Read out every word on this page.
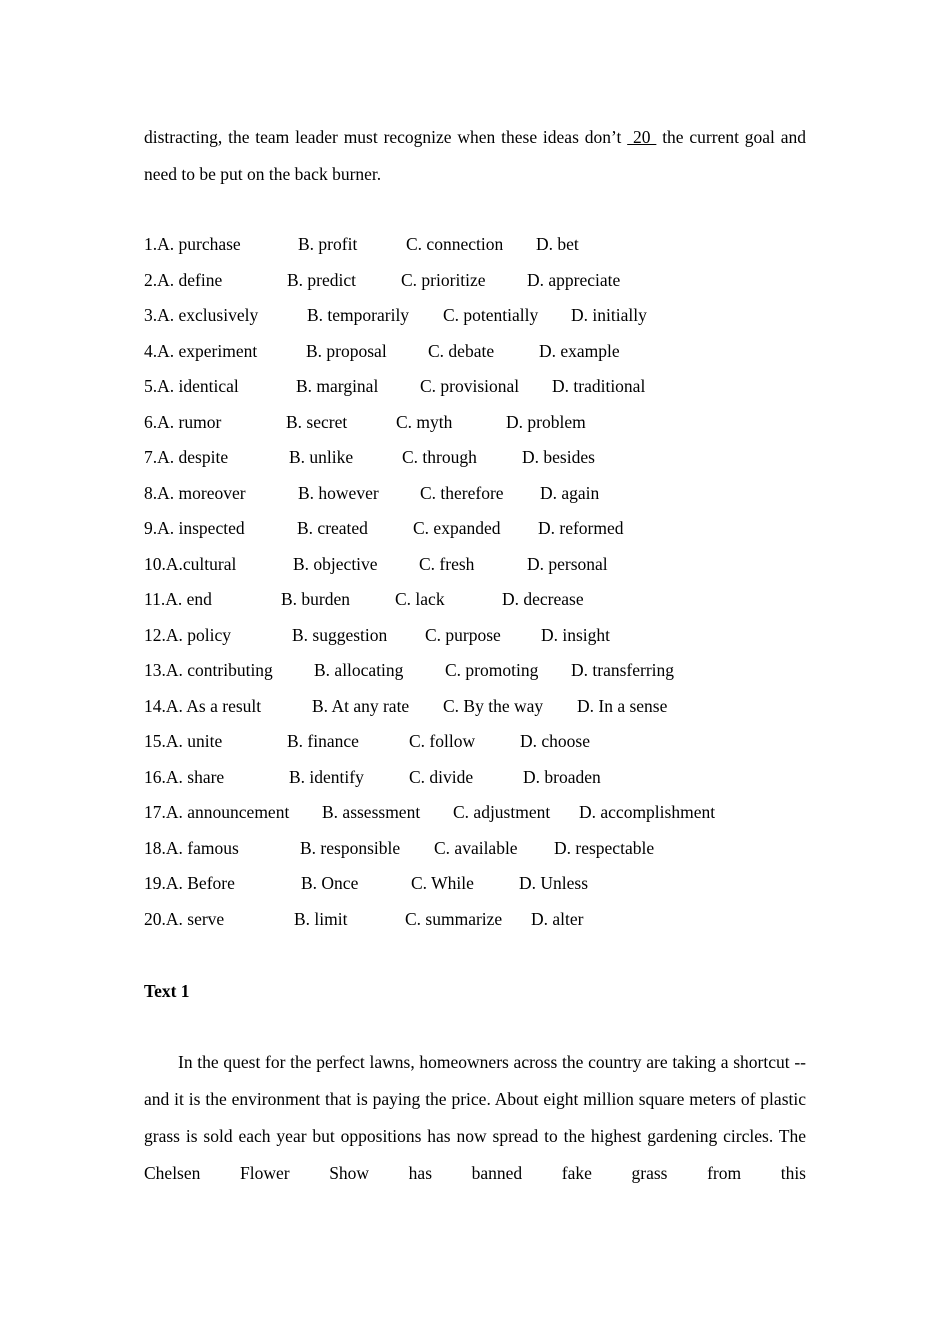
distracting, the team leader must recognize when these ideas don’t  20  the current goal and need to be put on the back burner.

1.A. purchase	B. profit	C. connection D. bet
2.A. define	B. predict	C. prioritize D. appreciate
3.A. exclusively	B. temporarily C. potentially D. initially
4.A. experiment	B. proposal C. debate	D. example
5.A. identical	B. marginal C. provisional D. traditional
6.A. rumor	B. secret	C. myth	D. problem
7.A. despite	B. unlike	C. through	D. besides
8.A. moreover	B. however C. therefore D. again
9.A. inspected	B. created	C. expanded D. reformed
10.A.cultural	B. objective C. fresh	D. personal
11.A. end	B. burden	C. lack	D. decrease
12.A. policy	B. suggestion C. purpose D. insight
13.A. contributing B. allocating C. promoting D. transferring
14.A. As a result	B. At any rate C. By the way D. In a sense
15.A. unite	B. finance	C. follow	D. choose
16.A. share	B. identify	C. divide	D. broaden
17.A. announcement B. assessment C. adjustment D. accomplishment
18.A. famous	B. responsible C. available D. respectable
19.A. Before	B. Once	C. While	D. Unless
20.A. serve	B. limit	C. summarize D. alter
Text 1

In the quest for the perfect lawns, homeowners across the country are taking a shortcut -- and it is the environment that is paying the price. About eight million square meters of plastic grass is sold each year but oppositions has now spread to the highest gardening circles. The Chelsen Flower Show has banned fake grass from this
